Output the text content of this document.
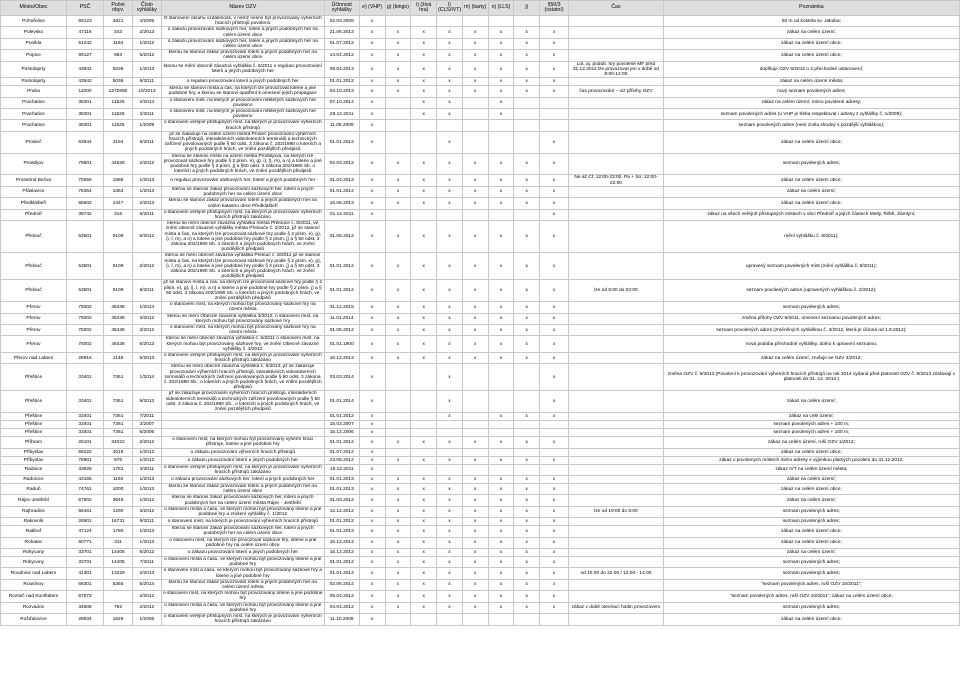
Město/Obec	PSČ	Počet obyv.	Číslo vyhlášky	Název OZV	Účinnost vyhlášky	e) (VHP)	g) (bingo)	i) (živá hra)	l) (CLS/IVT)	m) (karty)	n) (LLS)	j)	§50/3 (ostatní)	Čas	Poznámka
Pohořelice	69123	4621	4/2006	O stanovení okruhu vzdálenosti, v němž nesmí být provozovány výherních hracích přístrojů povoleno	02.03.2006	x									50 m od kostela sv. Jakuba;
Polevsko	47116	343	2/2013	o zákazu provozování sázkových her, loterií a jiných podobných her na celém území obce	21.06.2013	x	x	x	x	x	x	x	x		zákaz na celém území;
Ponikla	51242	1194	1/2012	o zákazu provozování sázkových her, loterií a jiných podobných her na celém území obce	01.07.2012	x	x	x	x	x	x	x	x		zákaz na celém území obce;
Popice	69127	953	5/2012	kterou se stanoví zákaz provozování loterií a jiných podobných her na celém území obce	14.04.2012	x	x	x	x	x	x	x	x		zákaz na celém území obce;
Postoloprty	43942	5036	1/2013	kterou se mění obecně závazná vyhláška č. 6/2011 o regulaci provozování loterií a jiných podobných her	09.04.2013	x	x	x	x	x	x	x	x	Lot. aj. podob. hry povolené MF před 31.12.2011 lze provozovat jen v době od 8:00-14:00	doplňuje OZV 6/2012 o 2.přechodné ustanovení;
Postoloprty	43942	5036	6/2011	o regulaci provozování loterií a jiných podobných her	01.01.2012	x	x	x	x	x	x	x	x		zákaz na celém území města;
Praha	11000	1272690	10/2013	kterou se stanoví místa a čas, na kterých lze provozovat loterie a jiné podobné hry, a kterou se stanoví opatření k omezení jejich propagace	04.10.2013	x	x	x	x	x	x	x	x	čas provozování – viz přílohy OZV	nový seznam povolených adres;
Prachatice	38301	11525	2/2014	o stanovení míst, na kterých je provozování některých sázkových her povoleno	07.10.2014	x		x	x		x				zákaz na celém území, mimo povolené adresy;
Prachatice	38301	11525	2/2011	o stanovení míst, na kterých je provozování některých sázkových her povoleno	28.12.2011	x		x	x		x				seznam povolených adres (u VHP je třeba respektovat i adresy z vyhlášky č. 1/2009);
Prachatice	38301	11525	1/2009	o stanovení veřejně přístupných míst, na kterých je provozování výherních hracích přístrojů	11.08.2009	x									seznam povolených adres (není zcela shodný s pozdější vyhláškou);
Prosieč	53944	2184	6/2011	již se zakazuje na celém území města Proseč provozování výherních hracích přístrojů, interaktivních videoloterních terminálů a technických zařízení povolovaných podle § 50 odst. 3 zákona č. 202/1990 o loteriích a jiných podobných hrách, ve znění pozdějších předpisů	01.01.2012	x			x				x		zákaz na celém území obce;
Prostějov	79601	44526	2/2012	kterou se stanoví místa na území města Prostějova, na kterých lze provozovat sázkové hry podle § 2 písm. e), g), i), l), m), a n) a loterie a jiné podobné hry podle § 2 písm. j) a §50 odst. 3 zákona 202/1990 Sb. o loteriích a jiných podobných hrách, ve znění pozdějších předpisů	02.03.2012	x	x	x	x	x	x	x	x		seznam povolených adres;
Prosetínd Bečva	75656	1686	1/2013	o regulaci provozování sázkových her, loterií a jiných podobných her	01.04.2013	x	x	x	x	x	x	x	x	Ne až Čt: 12:00-23:00, Pá + So: 12:00-22:00	zákaz na celém území obce;
Přáslavice	78354	1363	1/2013	kterou se stanoví zákaz provozování sázkových her, loterií a jiných podobných her na celém území obce	01.01.2014	x	x	x	x	x	x	x	x		zákaz na celém území;
Předklášteří	66602	1447	2/2013	kterou se stanoví zákaz provozování loterií a jiných podobných her na celém katastru obce Předklášteří	15.06.2013	x	x	x	x	x	x	x	x		zákaz na celém území obce;
Předmíř	38742	316	5/2011	o stanovení veřejně přístupných míst, na kterých je provozování výherních hracích přístrojů zakázáno	01.12.2011	x							x		zákaz na všech veřejně přístupných místech v obci Předmíř a jejích částech Metly, Řiště, Zámlyní;
Přelouč	53501	9108	6/2012	kterou se mění obecně závazná vyhláška města Přelouče č. 8/2011, ve znění obecně závazné vyhlášky města Přelouče č. 2/2012, již se stanoví místa a čas, na kterých lze provozovat sázkové hry podle § 2 písm. e), g), i), l, m), a n) a loterie a jiné podobné hry podle § 2 písm. j) a § 50 odst. 3 zákona 202/1990 Sb. o loteriích a jiných podobných hrách, ve znění pozdějších předpisů	01.05.2012	x	x	x	x	x	x	x	x		mění vyhlášku č. 8/2011);
Přelouč	53501	9108	2/2012	kterou se mění obecně závazná vyhláška Přelouč č. 8/2011 již se stanoví místa a čas, na kterých lze provozovat sázkové hry podle § 2 písm. e), g), i), l, m), a n) a loterie a jiné podobné hry podle § 2 písm. j) a § 50 odst. 3 zákona 202/1990 Sb. o loteriích a jiných podobných hrách, ve znění pozdějších předpisů	01.01.2012	x	x	x	x	x	x	x	x		upravený seznam povolených míst (mění vyhlášku č. 8/2011);
Přelouč	53501	9108	8/2011	již se stanoví místa a čas, na kterých lze provozovat sázkové hry podle § 2 písm. e), g), i), l, m), a n) a loterie a jiné podobné hry podle § 2 písm. j) a § 50 odst. 3 zákona 202/1990 Sb. o loteriích a jiných podobných hrách, ve znění pozdějších předpisů	01.01.2012	x	x	x	x	x	x	x	x	lze od 6:00 do 02:00	seznam povolených adres (upravených vyhláškou č. 2/2012);
Přerov	75002	45438	1/2014	o stanovení míst, na kterých mohou být provozovány sázkové hry na území města	31.12.2015	x	x	x	x	x	x	x	x		seznam povolených adres;
Přerov	75002	45438	3/2012	kterou se mění Obecně závazná vyhláška 3/2012, o stanovení míst, na kterých mohou být provozovány sázkové hry	11.01.2014	x	x	x	x	x	x	x	x		změna přílohy OZV 6/2011, omezení seznamu povolených adres;
Přerov	75002	45438	3/2012	o stanovení míst, na kterých mohou být provozovány sázkové hry na území města	01.05.2012	x	x	x	x	x	x	x	x		seznam povolených adres (změněných vyhláškou č. 3/2012, která je účinná od 1.9.2012);
Přerov	75002	45438	6/2013	kterou se mění obecně závazná vyhláška č. 6/2011 o stanovení míst, na kterých mohou být provozovány sázkové hry, ve znění Obecně závazné vyhlášky č. 3/2012	01.01.1900	x	x	x	x	x	x	x	x		nová podoba přechodné vyhlášky, dolno k upravení seznamu;
Přerov nad Labem	28916	1148	5/2013	o stanovení veřejně přístupných míst, na kterých je provozování výherních hracích přístrojů zakázáno	16.12.2013	x	x	x	x	x	x	x	x		zákaz na celém území, zrušuje se OZV 4/2013;
Přeštice	33401	7361	1/2014	kterou se mění obecně závazná vyhláška č. 9/2013, již se zakazuje provozování výherních hracích přístrojů, interaktivních videoloterních terminálů a technických zařízení povolovaných podle § 50 odst. 3 zákona č. 202/1990 Sb., o loteriích a jiných podobných hrách, ve znění pozdějších předpisů	03.03.2014	x			x				x		změna OZV č. 9/2013 (Povolení k provozování výherních hracích přístrojů na rok 2014 vydaná před platností OZV č. 9/2013 zůstávají v platnosti do 31. 12. 2014.)
Přeštice	33401	7361	9/2013	již se zakazuje provozování výherních hracích přístrojů, interaktivních videoloterních terminálů a technických zařízení povolovaných podle § 50 odst. 3 zákona č. 202/1990 Sb., o loteriích a jiných podobných hrách, ve znění pozdějších předpisů	01.01.2014	x			x				x		zákaz na celém území;
Přeštice	33401	7361	7/2011		01.01.2012	x			x		x	x	x		zákaz na celé území;
Přeštice	33401	7361	3/2007		15.03.2007	x									seznam povolených adres + 100 m;
Přeštice	33401	7361	5/2006		15.12.2006	x									seznam povolených adres + 100 m;
Příbram	26101	34022	2/2012	o stanovení míst, na kterých mohou být provozovány výherní hrací přístroje, loterie a jiné podobné hry	01.01.2012	x	x	x	x	x	x	x	x		zákaz na celém území, ruší OZV 1/2012;
Přibyslav	58222	4019	1/2012	o zákazu provozování výherních hracích přístrojů	01.07.2012	x									zákaz na celém území obce;
Příbyslav	76901	876	1/2012	o zákazu provozování loterií a jiných podobných her	23.05.2012	x	x	x	x	x	x	x	x		zákaz v povolenych místech mimo adresy s výjimkou platných povolení do 31.12.2012;
Radnice	33828	1781	3/2011	o stanovení veřejně přístupných míst, na kterých je provozování výherních hracích přístrojů zakázáno	15.12.2011	x									zákaz IVT na celém území města;
Radonice	43155	1193	1/2013	o zákazu provozování sázkových her, loterií a jiných podobných her	01.01.2013	x	x	x	x	x	x	x	x		zákaz na celém území;
Raduň	74761	1000	1/2013	kterou se stanoví zákaz provozování loterií a jiných podobných her na celém území obce	01.01.2013	x	x	x	x	x	x	x	x		zákaz na celém území obce;
Rájec-Jestřebí	67902	3645	1/2012	kterou se stanoví zákaz provozování sázkových her, loterií a jiných podobných her na celém území města Rájec - Jestřebí	01.03.2012	x	x	x	x	x	x	x	x		zákaz na celém území;
Rajhradice	66461	1290	3/2012	o stanovení místa a času, ve kterých mohou být provozovány loterie a jiné podobné hry a zrušení vyhlášky č. 1/2012	12.12.2012	x	x	x	x	x	x	x	x	lze od 19:00 do 5:00	seznam povolených adres;
Rakovník	26901	16731	9/2011	o stanovení míst, na kterých je provozování výherních hracích přístrojů	01.01.2012	x	x	x	x	x	x	x	x		seznam povolených adres;
Ratiboř	47124	1780	1/2013	kterou se stanoví zákaz provozování sázkových her, loterií a jiných podobných her na celém území obce	01.01.2013	x	x	x	x	x	x	x	x		zákaz na celém území obce;
Rohatec	50771	311	1/2013	o stanovení míst, na kterých lze provozovat sázkové hry, loterie a jiné podobné hry na celém území obce	15.12.2013	x	x	x	x	x	x	x	x		zákaz na celém území obce;
Rokycany	33701	14405	6/2012	o zákazu provozování loterií a jiných podobných her	15.12.2012	x	x	x	x	x	x	x	x		zákaz na celém území;
Rokycany	33701	14405	7/2011	o stanovení místa a času, ve kterých mohou být provozovány loterie a jiné podobné hry	01.01.2012	x	x	x	x	x	x	x	x		seznam povolených adres;
Roudnice nad Labem	41301	13329	2/2013	o stanovení míst a času, ve kterých mohou být provozovány sázkové hry a loterie a jiné podobné hry	01.01.2014	x	x	x	x	x	x	x	x	od 10.00 do 22.00 / 12.00 - 14.00	seznam povolených adres;
Rousínov	68301	5365	5/2014	kterou se stanoví zákaz provozování loterií a jiných podobných her na celém území města	02.06.2014	x	x	x	x	x	x	x	x		"seznam povolených adres, ruší OZV 10/2011";
Rozseč nad Kunštátem	67973		2/2012	o stanovení míst, na kterých mohou být provozovány loterie a jiné podobné hry	06.04.2012	x	x	x	x	x	x	x	x		"seznam povolených adres, ruší OZV 10/2011"; zákaz na celém území obce;
Rozvadov	34806	782	2/2012	o stanovení místa a času, ve kterých mohou být provozovány loterie a jiné podobné hry	04.04.2012	x	x	x	x	x	x	x	x	zákaz v době otevírací hodin provozovem	seznam povolených adres;
Rožďalovice	28934	1626	1/2006	o stanovení veřejně přístupných míst, na kterých je provozování výherních hracích přístrojů zakázáno	11.10.2006	x									zákaz na celém území obce;
